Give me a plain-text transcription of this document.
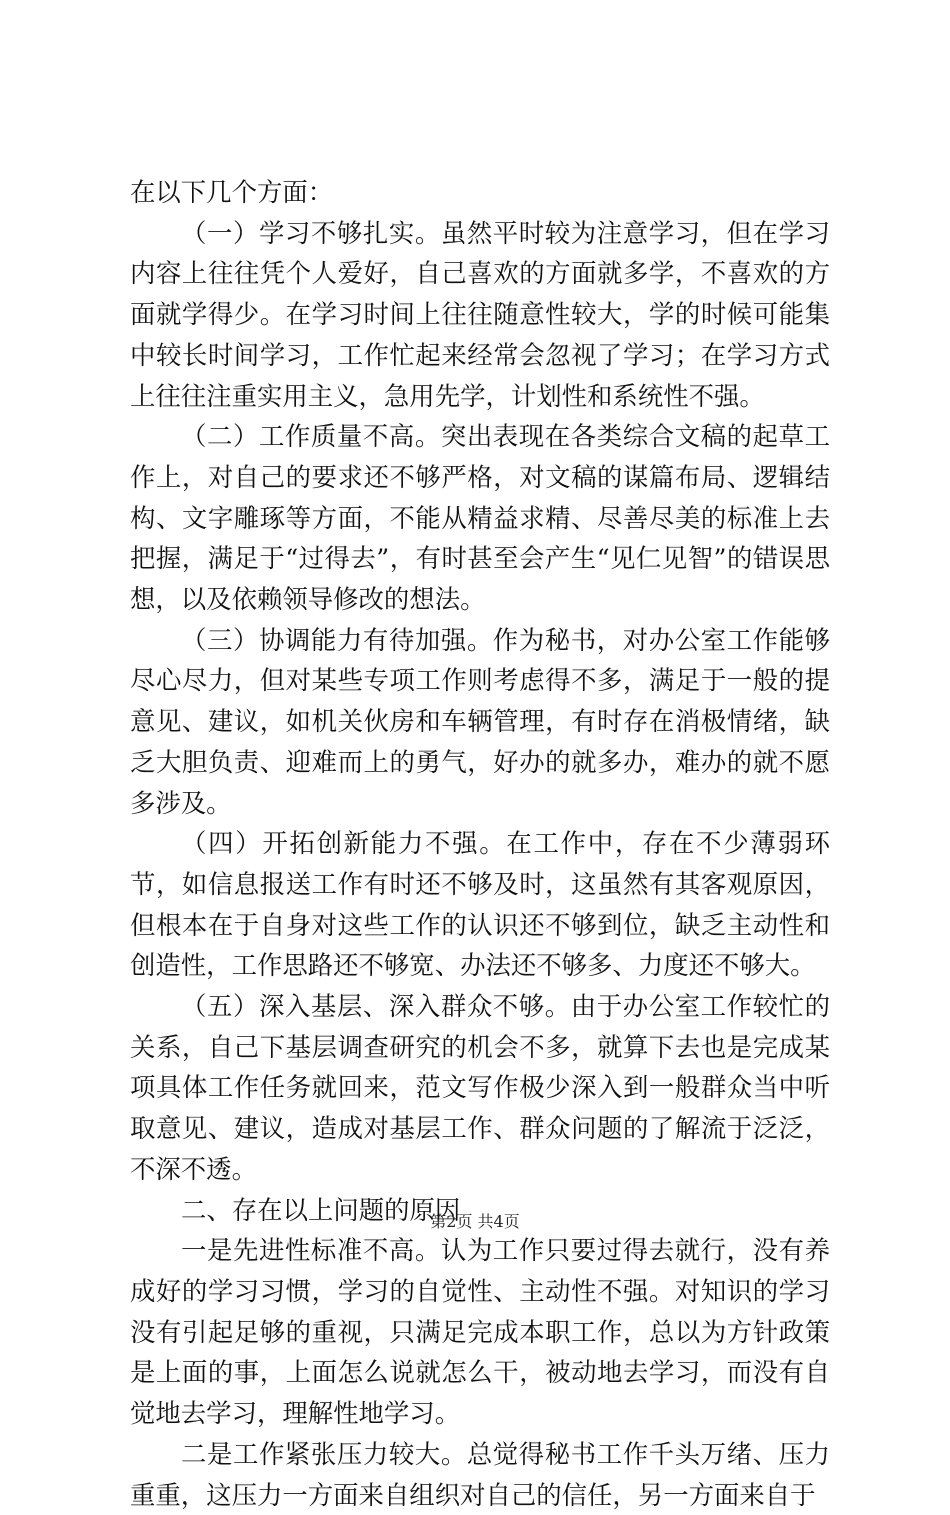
在以下几个方面：

（一）学习不够扎实。虽然平时较为注意学习，但在学习内容上往往凭个人爱好，自己喜欢的方面就多学，不喜欢的方面就学得少。在学习时间上往往随意性较大，学的时候可能集中较长时间学习，工作忙起来经常会忽视了学习；在学习方式上往往注重实用主义，急用先学，计划性和系统性不强。

（二）工作质量不高。突出表现在各类综合文稿的起草工作上，对自己的要求还不够严格，对文稿的谋篇布局、逻辑结构、文字雕琢等方面，不能从精益求精、尽善尽美的标准上去把握，满足于“过得去”，有时甚至会产生“见仁见智”的错误思想，以及依赖领导修改的想法。

（三）协调能力有待加强。作为秘书，对办公室工作能够尽心尽力，但对某些专项工作则考虑得不多，满足于一般的提意见、建议，如机关伙房和车辆管理，有时存在消极情绪，缺乏大胆负责、迎难而上的勇气，好办的就多办，难办的就不愿多涉及。

（四）开拓创新能力不强。在工作中，存在不少薄弱环节，如信息报送工作有时还不够及时，这虽然有其客观原因，但根本在于自身对这些工作的认识还不够到位，缺乏主动性和创造性，工作思路还不够宽、办法还不够多、力度还不够大。

（五）深入基层、深入群众不够。由于办公室工作较忙的关系，自己下基层调查研究的机会不多，就算下去也是完成某项具体工作任务就回来，范文写作极少深入到一般群众当中听取意见、建议，造成对基层工作、群众问题的了解流于泛泛，不深不透。

二、存在以上问题的原因

一是先进性标准不高。认为工作只要过得去就行，没有养成好的学习习惯，学习的自觉性、主动性不强。对知识的学习没有引起足够的重视，只满足完成本职工作，总以为方针政策是上面的事，上面怎么说就怎么干，被动地去学习，而没有自觉地去学习，理解性地学习。

二是工作紧张压力较大。总觉得秘书工作千头万绪、压力重重，这压力一方面来自组织对自己的信任，另一方面来自于

第2页 共4页
